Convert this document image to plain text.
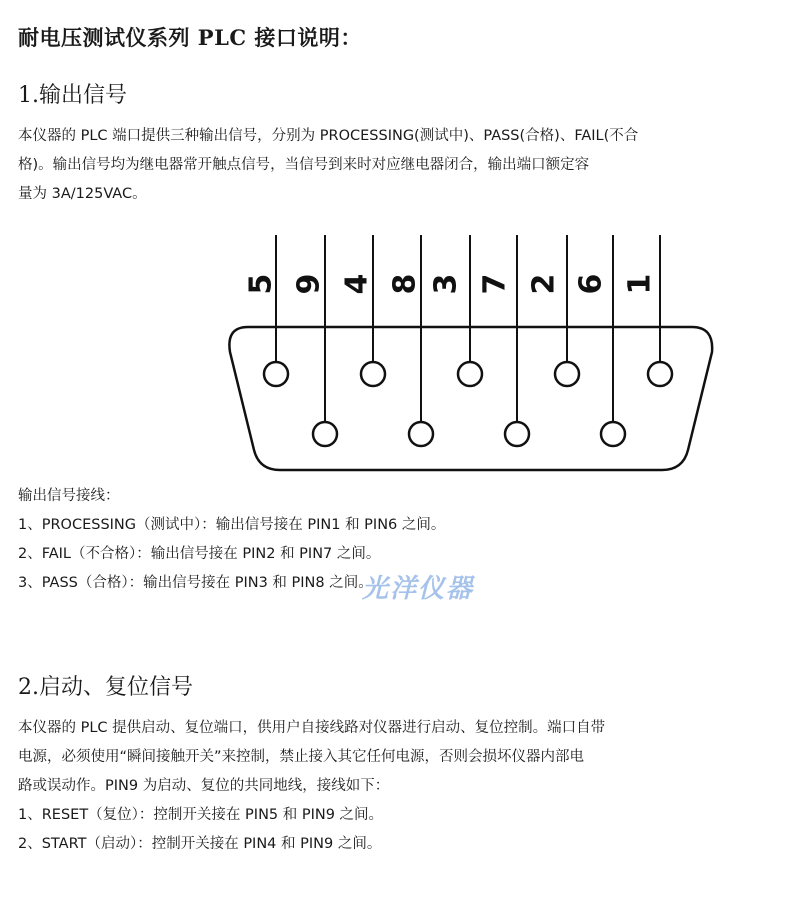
耐电压测试仪系列 PLC 接口说明：
1.输出信号

本仪器的 PLC 端口提供三种输出信号，分别为 PROCESSING(测试中)、PASS(合格)、FAIL(不合

格)。输出信号均为继电器常开触点信号，当信号到来时对应继电器闭合，输出端口额定容

量为 3A/125VAC。

5 9 4 8 3 7 2 6 1

输出信号接线：

1、PROCESSING（测试中）：输出信号接在 PIN1 和 PIN6 之间。

2、FAIL（不合格）：输出信号接在 PIN2 和 PIN7 之间。

3、PASS（合格）：输出信号接在 PIN3 和 PIN8 之间。

光洋仪器
2.启动、复位信号

本仪器的 PLC 提供启动、复位端口，供用户自接线路对仪器进行启动、复位控制。端口自带

电源，必须使用“瞬间接触开关”来控制，禁止接入其它任何电源，否则会损坏仪器内部电

路或误动作。PIN9 为启动、复位的共同地线，接线如下：

1、RESET（复位）：控制开关接在 PIN5 和 PIN9 之间。

2、START（启动）：控制开关接在 PIN4 和 PIN9 之间。
